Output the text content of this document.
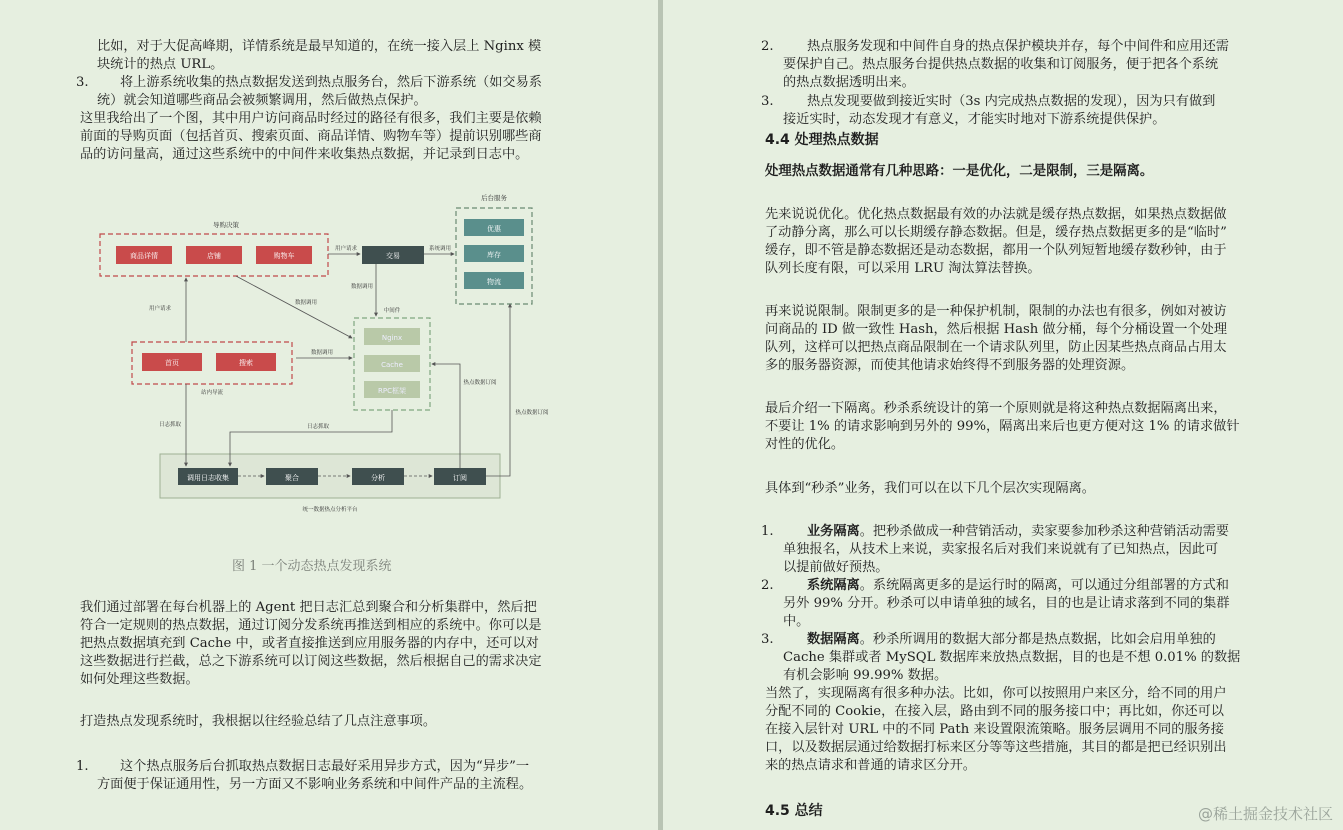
比如，对于大促高峰期，详情系统是最早知道的，在统一接入层上 Nginx 模

块统计的热点 URL。

3. 将上游系统收集的热点数据发送到热点服务台，然后下游系统（如交易系

统）就会知道哪些商品会被频繁调用，然后做热点保护。

这里我给出了一个图，其中用户访问商品时经过的路径有很多，我们主要是依赖

前面的导购页面（包括首页、搜索页面、商品详情、购物车等）提前识别哪些商

品的访问量高，通过这些系统中的中间件来收集热点数据，并记录到日志中。

后台服务
优惠
库存
物流
导购决策
商品详情	店铺	购物车	交易
用户请求	系统调用
中间件
Nginx
Cache
RPC框架
数据调用
数据调用
数据调用
首页	搜索
站内导流
用户请求
调用日志收集	聚合	分析	订阅
统一数据热点分析平台
日志抓取	日志抓取
热点数据订阅
热点数据订阅
图 1 一个动态热点发现系统

我们通过部署在每台机器上的 Agent 把日志汇总到聚合和分析集群中，然后把

符合一定规则的热点数据，通过订阅分发系统再推送到相应的系统中。你可以是

把热点数据填充到 Cache 中，或者直接推送到应用服务器的内存中，还可以对

这些数据进行拦截，总之下游系统可以订阅这些数据，然后根据自己的需求决定

如何处理这些数据。

打造热点发现系统时，我根据以往经验总结了几点注意事项。

1. 这个热点服务后台抓取热点数据日志最好采用异步方式，因为“异步”一

方面便于保证通用性，另一方面又不影响业务系统和中间件产品的主流程。

2.	热点服务发现和中间件自身的热点保护模块并存，每个中间件和应用还需

要保护自己。热点服务台提供热点数据的收集和订阅服务，便于把各个系统

的热点数据透明出来。

3.	热点发现要做到接近实时（3s 内完成热点数据的发现），因为只有做到

接近实时，动态发现才有意义，才能实时地对下游系统提供保护。

4.4 处理热点数据

处理热点数据通常有几种思路：一是优化，二是限制，三是隔离。

先来说说优化。优化热点数据最有效的办法就是缓存热点数据，如果热点数据做

了动静分离，那么可以长期缓存静态数据。但是，缓存热点数据更多的是“临时”

缓存，即不管是静态数据还是动态数据，都用一个队列短暂地缓存数秒钟，由于

队列长度有限，可以采用 LRU 淘汰算法替换。

再来说说限制。限制更多的是一种保护机制，限制的办法也有很多，例如对被访

问商品的 ID 做一致性 Hash，然后根据 Hash 做分桶，每个分桶设置一个处理

队列，这样可以把热点商品限制在一个请求队列里，防止因某些热点商品占用太

多的服务器资源，而使其他请求始终得不到服务器的处理资源。

最后介绍一下隔离。秒杀系统设计的第一个原则就是将这种热点数据隔离出来，

不要让 1% 的请求影响到另外的 99%，隔离出来后也更方便对这 1% 的请求做针

对性的优化。

具体到“秒杀”业务，我们可以在以下几个层次实现隔离。

1.	业务隔离。把秒杀做成一种营销活动，卖家要参加秒杀这种营销活动需要

单独报名，从技术上来说，卖家报名后对我们来说就有了已知热点，因此可

以提前做好预热。

2.	系统隔离。系统隔离更多的是运行时的隔离，可以通过分组部署的方式和

另外 99% 分开。秒杀可以申请单独的域名，目的也是让请求落到不同的集群

中。

3.	数据隔离。秒杀所调用的数据大部分都是热点数据，比如会启用单独的

Cache 集群或者 MySQL 数据库来放热点数据，目的也是不想 0.01% 的数据

有机会影响 99.99% 数据。

当然了，实现隔离有很多种办法。比如，你可以按照用户来区分，给不同的用户

分配不同的 Cookie，在接入层，路由到不同的服务接口中；再比如，你还可以

在接入层针对 URL 中的不同 Path 来设置限流策略。服务层调用不同的服务接

口，以及数据层通过给数据打标来区分等等这些措施，其目的都是把已经识别出

来的热点请求和普通的请求区分开。

4.5 总结	@稀土掘金技术社区
